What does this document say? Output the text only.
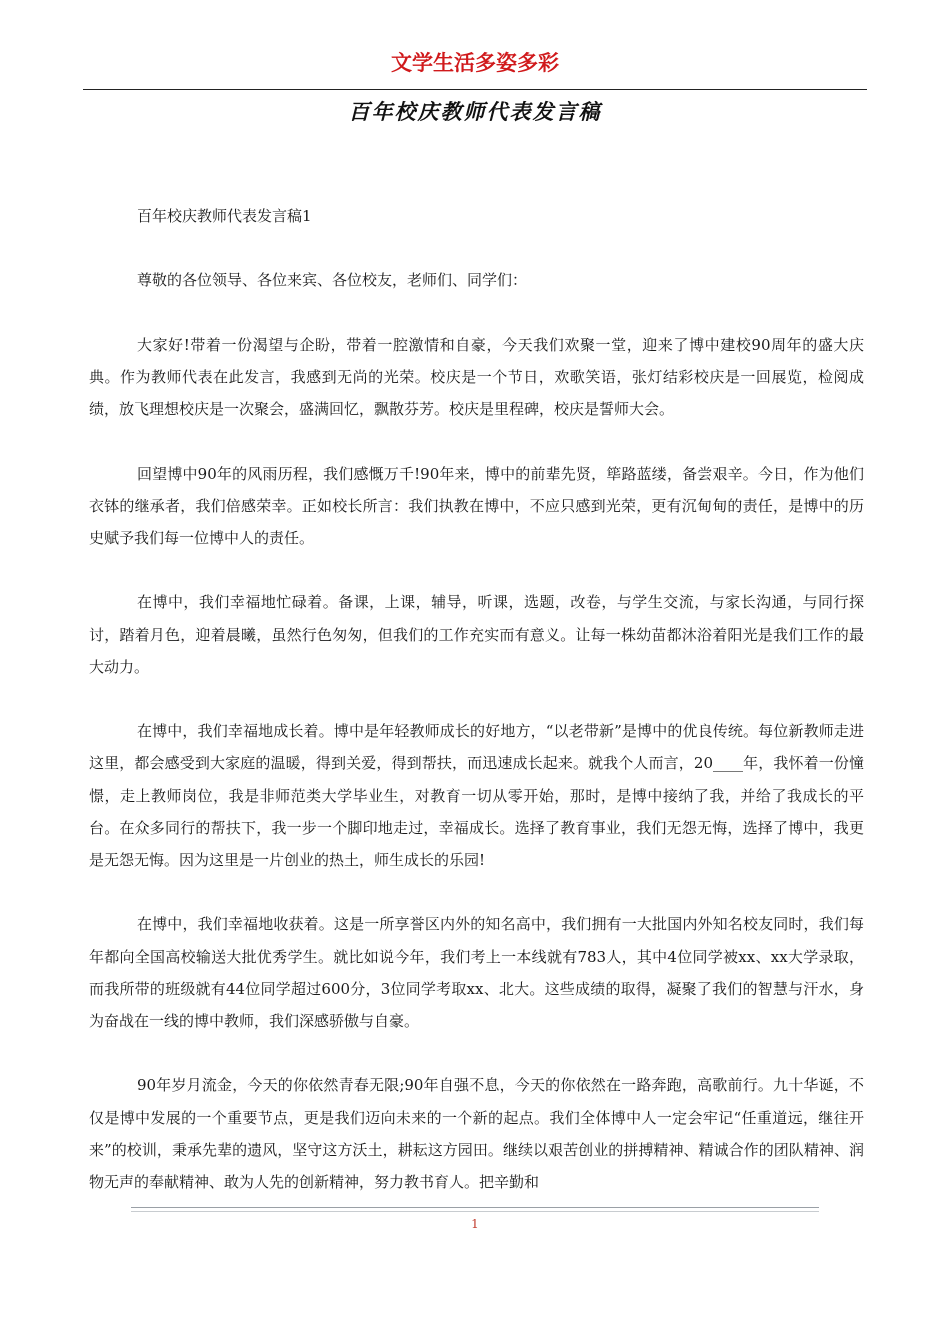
文学生活多姿多彩
百年校庆教师代表发言稿

百年校庆教师代表发言稿1

尊敬的各位领导、各位来宾、各位校友，老师们、同学们：

大家好!带着一份渴望与企盼，带着一腔激情和自豪，今天我们欢聚一堂，迎来了博中建校90周年的盛大庆典。作为教师代表在此发言，我感到无尚的光荣。校庆是一个节日，欢歌笑语，张灯结彩校庆是一回展览，检阅成绩，放飞理想校庆是一次聚会，盛满回忆，飘散芬芳。校庆是里程碑，校庆是誓师大会。

回望博中90年的风雨历程，我们感慨万千!90年来，博中的前辈先贤，筚路蓝缕，备尝艰辛。今日，作为他们衣钵的继承者，我们倍感荣幸。正如校长所言：我们执教在博中，不应只感到光荣，更有沉甸甸的责任，是博中的历史赋予我们每一位博中人的责任。

在博中，我们幸福地忙碌着。备课，上课，辅导，听课，选题，改卷，与学生交流，与家长沟通，与同行探讨，踏着月色，迎着晨曦，虽然行色匆匆，但我们的工作充实而有意义。让每一株幼苗都沐浴着阳光是我们工作的最大动力。

在博中，我们幸福地成长着。博中是年轻教师成长的好地方，“以老带新”是博中的优良传统。每位新教师走进这里，都会感受到大家庭的温暖，得到关爱，得到帮扶，而迅速成长起来。就我个人而言，20____年，我怀着一份憧憬，走上教师岗位，我是非师范类大学毕业生，对教育一切从零开始，那时，是博中接纳了我，并给了我成长的平台。在众多同行的帮扶下，我一步一个脚印地走过，幸福成长。选择了教育事业，我们无怨无悔，选择了博中，我更是无怨无悔。因为这里是一片创业的热土，师生成长的乐园!

在博中，我们幸福地收获着。这是一所享誉区内外的知名高中，我们拥有一大批国内外知名校友同时，我们每年都向全国高校输送大批优秀学生。就比如说今年，我们考上一本线就有783人，其中4位同学被xx、xx大学录取，而我所带的班级就有44位同学超过600分，3位同学考取xx、北大。这些成绩的取得，凝聚了我们的智慧与汗水，身为奋战在一线的博中教师，我们深感骄傲与自豪。

90年岁月流金，今天的你依然青春无限;90年自强不息，今天的你依然在一路奔跑，高歌前行。九十华诞，不仅是博中发展的一个重要节点，更是我们迈向未来的一个新的起点。我们全体博中人一定会牢记“任重道远，继往开来”的校训，秉承先辈的遗风，坚守这方沃土，耕耘这方园田。继续以艰苦创业的拼搏精神、精诚合作的团队精神、润物无声的奉献精神、敢为人先的创新精神，努力教书育人。把辛勤和

1
